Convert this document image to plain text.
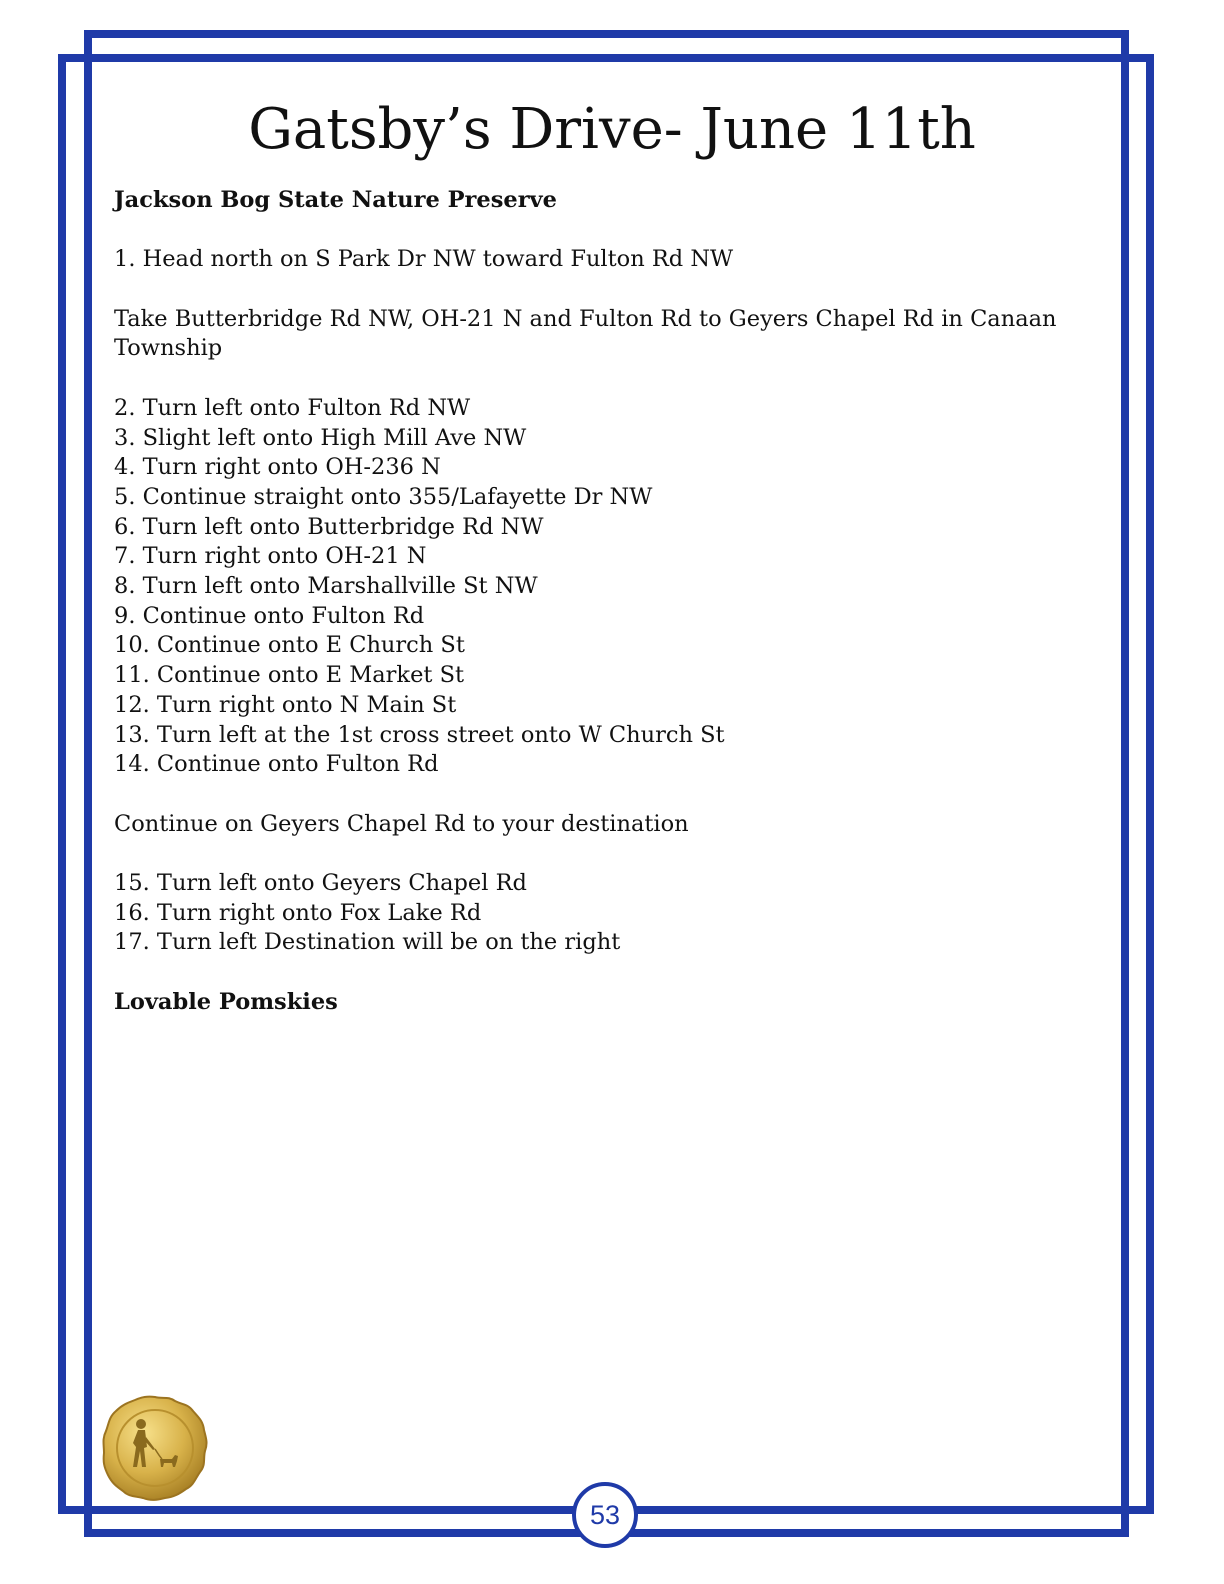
Gatsby’s Drive- June 11th

Jackson Bog State Nature Preserve

1. Head north on S Park Dr NW toward Fulton Rd NW

Take Butterbridge Rd NW, OH-21 N and Fulton Rd to Geyers Chapel Rd in Canaan Township

2. Turn left onto Fulton Rd NW

3. Slight left onto High Mill Ave NW

4. Turn right onto OH-236 N

5. Continue straight onto 355/Lafayette Dr NW

6. Turn left onto Butterbridge Rd NW

7. Turn right onto OH-21 N

8. Turn left onto Marshallville St NW

9. Continue onto Fulton Rd

10. Continue onto E Church St

11. Continue onto E Market St

12. Turn right onto N Main St

13. Turn left at the 1st cross street onto W Church St

14. Continue onto Fulton Rd

Continue on Geyers Chapel Rd to your destination

15. Turn left onto Geyers Chapel Rd

16. Turn right onto Fox Lake Rd

17. Turn left Destination will be on the right

Lovable Pomskies

53
